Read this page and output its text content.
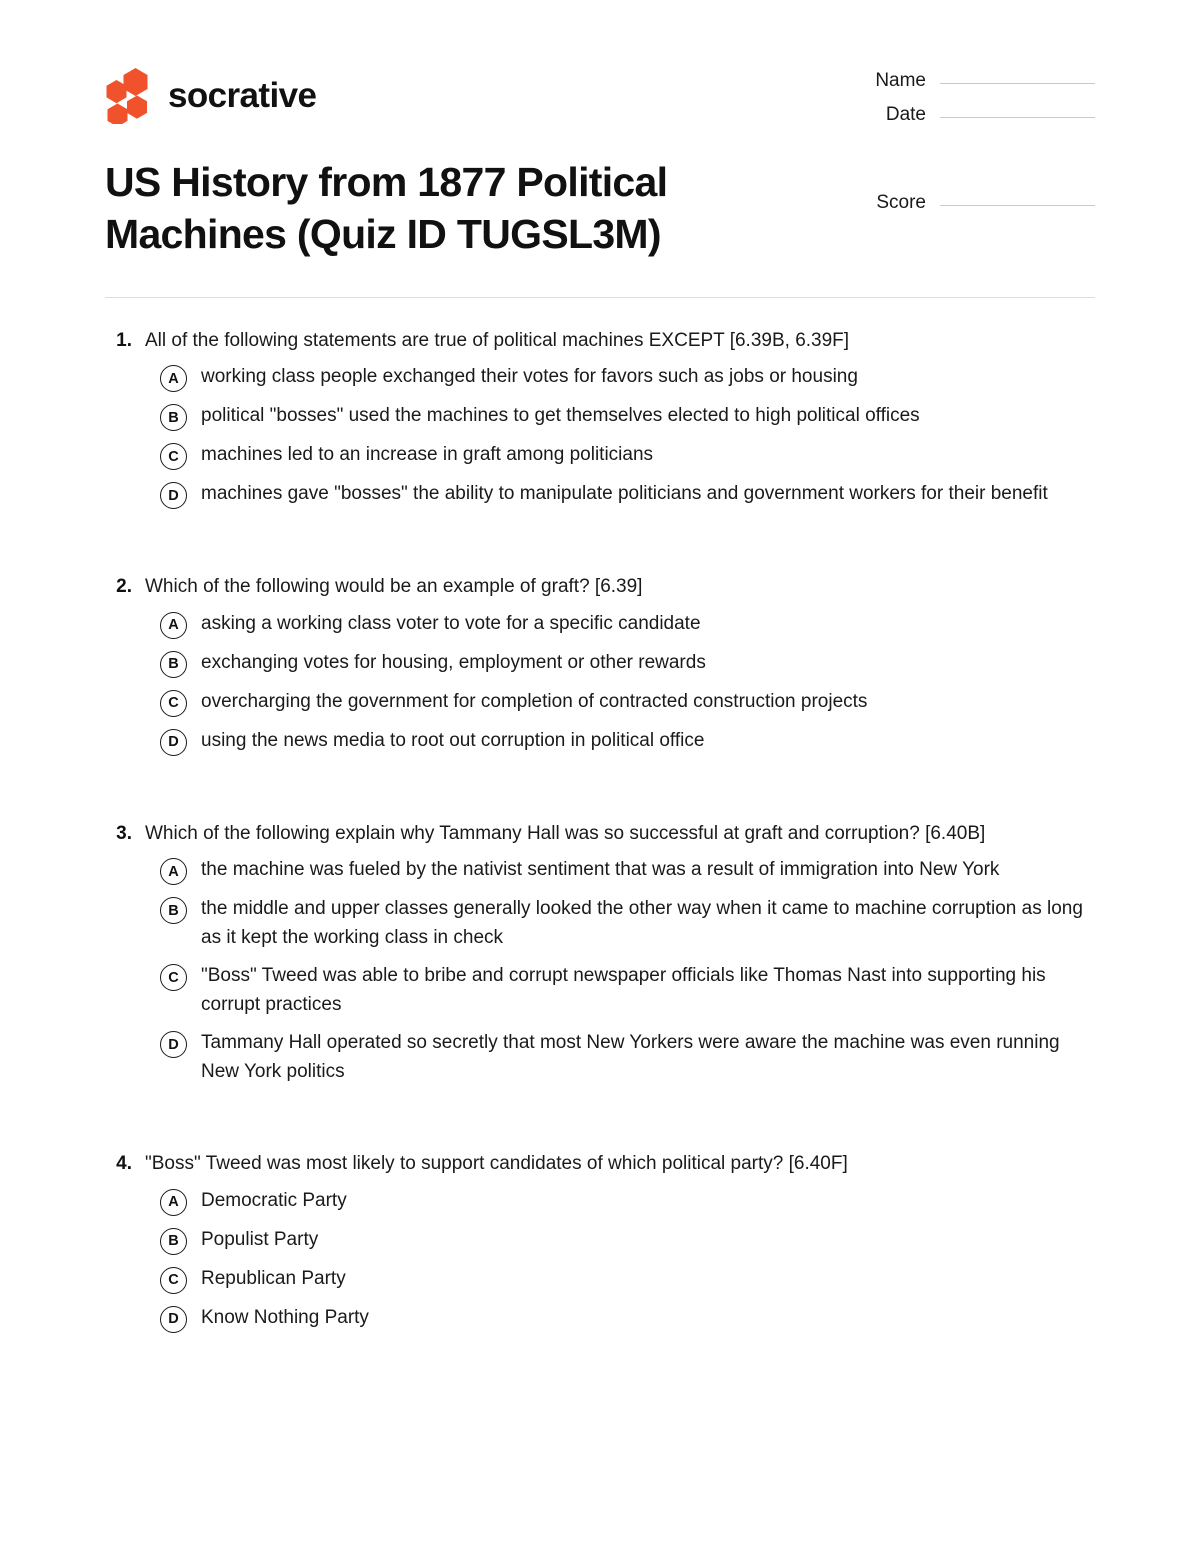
socrative	Name
Date
Score
US History from 1877 Political Machines (Quiz ID TUGSL3M)
1. All of the following statements are true of political machines EXCEPT [6.39B, 6.39F]
A	working class people exchanged their votes for favors such as jobs or housing
B	political "bosses" used the machines to get themselves elected to high political offices
C	machines led to an increase in graft among politicians
D	machines gave "bosses" the ability to manipulate politicians and government workers for their benefit
2. Which of the following would be an example of graft? [6.39]
A	asking a working class voter to vote for a specific candidate
B	exchanging votes for housing, employment or other rewards
C	overcharging the government for completion of contracted construction projects
D	using the news media to root out corruption in political office
3. Which of the following explain why Tammany Hall was so successful at graft and corruption? [6.40B]
A	the machine was fueled by the nativist sentiment that was a result of immigration into New York
B	the middle and upper classes generally looked the other way when it came to machine corruption as long as it kept the working class in check
C	"Boss" Tweed was able to bribe and corrupt newspaper officials like Thomas Nast into supporting his corrupt practices
D	Tammany Hall operated so secretly that most New Yorkers were aware the machine was even running New York politics
4. "Boss" Tweed was most likely to support candidates of which political party? [6.40F]
A	Democratic Party
B	Populist Party
C	Republican Party
D	Know Nothing Party
